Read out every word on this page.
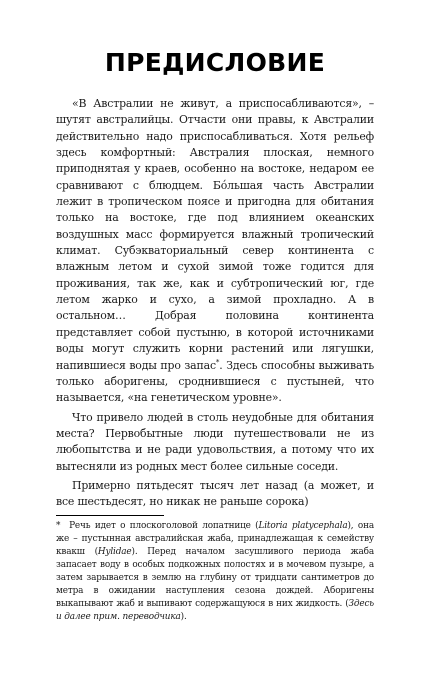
ПРЕДИСЛОВИЕ

«В Австралии не живут, а приспосабливаются», – шутят австралийцы. Отчасти они правы, к Австралии действительно надо приспосабливаться. Хотя рельеф здесь комфортный: Австралия плоская, немного приподнятая у краев, особенно на востоке, недаром ее сравнивают с блюдцем. Бóльшая часть Австралии лежит в тропическом поясе и пригодна для обитания только на востоке, где под влиянием океанских воздушных масс формируется влажный тропический климат. Субэкваториальный север континента с влажным летом и сухой зимой тоже годится для проживания, так же, как и субтропический юг, где летом жарко и сухо, а зимой прохладно. А в остальном… Добрая половина континента представляет собой пустыню, в которой источниками воды могут служить корни растений или лягушки, напившиеся воды про запас*. Здесь способны выживать только аборигены, сроднившиеся с пустыней, что называется, «на генетическом уровне».

Что привело людей в столь неудобные для обитания места? Первобытные люди путешествовали не из любопытства и не ради удовольствия, а потому что их вытесняли из родных мест более сильные соседи.

Примерно пятьдесят тысяч лет назад (а может, и все шестьдесят, но никак не раньше сорока)

* Речь идет о плоскоголовой лопатнице (Litoria platycephala), она же – пустынная австралийская жаба, принадлежащая к семейству квакш (Hylidae). Перед началом засушливого периода жаба запасает воду в особых подкожных полостях и в мочевом пузыре, а затем зарывается в землю на глубину от тридцати сантиметров до метра в ожидании наступления сезона дождей. Аборигены выкапывают жаб и выпивают содержащуюся в них жидкость. (Здесь и далее прим. переводчика).
